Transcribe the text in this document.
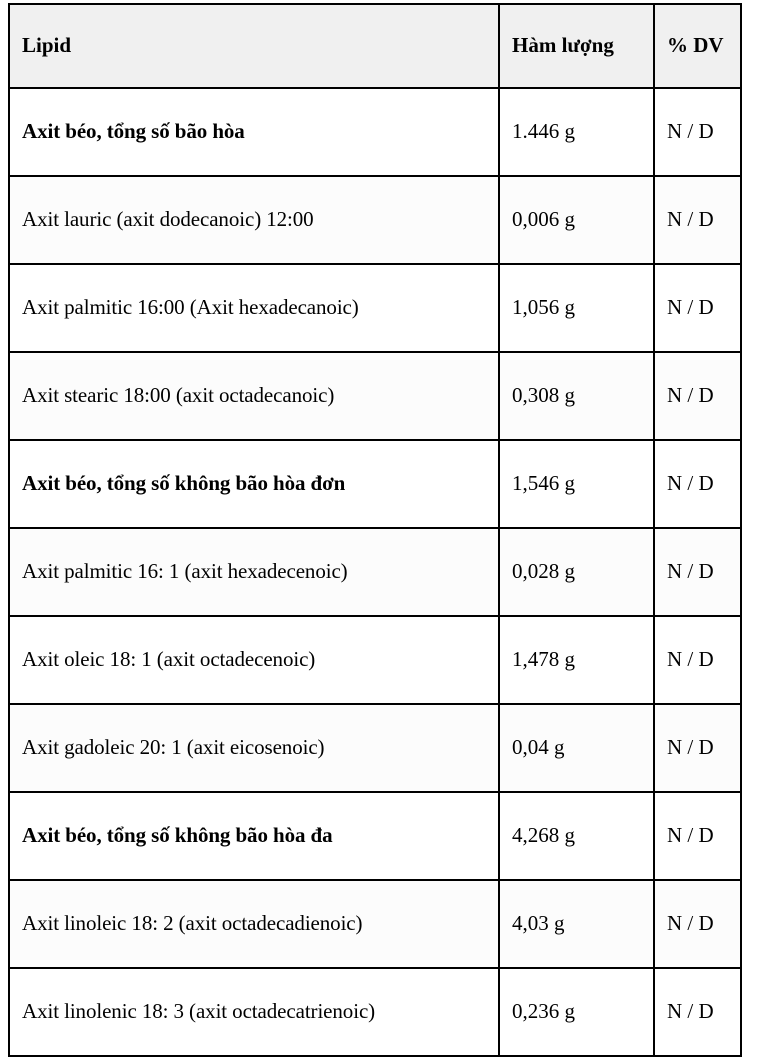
Lipid	Hàm lượng	% DV
Axit béo, tổng số bão hòa	1.446 g	N / D
Axit lauric (axit dodecanoic) 12:00	0,006 g	N / D
Axit palmitic 16:00 (Axit hexadecanoic)	1,056 g	N / D
Axit stearic 18:00 (axit octadecanoic)	0,308 g	N / D
Axit béo, tổng số không bão hòa đơn	1,546 g	N / D
Axit palmitic 16: 1 (axit hexadecenoic)	0,028 g	N / D
Axit oleic 18: 1 (axit octadecenoic)	1,478 g	N / D
Axit gadoleic 20: 1 (axit eicosenoic)	0,04 g	N / D
Axit béo, tổng số không bão hòa đa	4,268 g	N / D
Axit linoleic 18: 2 (axit octadecadienoic)	4,03 g	N / D
Axit linolenic 18: 3 (axit octadecatrienoic)	0,236 g	N / D
